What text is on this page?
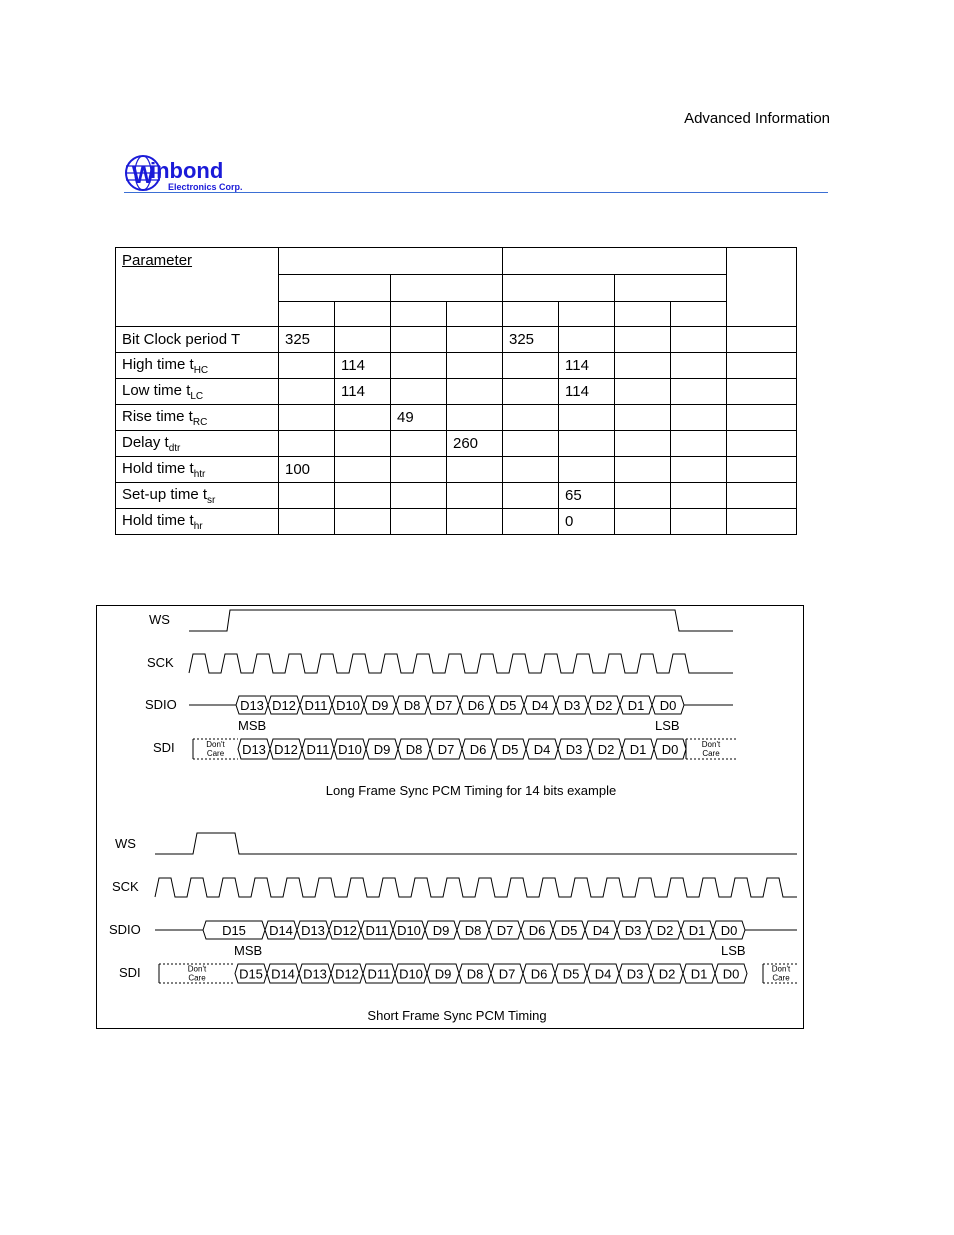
Advanced Information
W
inbond
Electronics Corp.
Parameter									

Bit Clock period T	325				325				
High time $t_{HC}$		114				114			
Low time $t_{LC}$		114				114			
Rise time $t_{RC}$			49						
Delay $t_{dtr}$				260					
Hold time $t_{htr}$	100								
Set-up time $t_{sr}$						65			
Hold time $t_{hr}$						0			
WS
SCK
SDIO	D13 D12 D11 D10 D9 D8 D7 D6 D5 D4 D3 D2 D1 D0
MSB	LSB
SDI	Don't
Care D13 D12 D11 D10 D9 D8 D7 D6 D5 D4 D3 D2 D1 D0	Don't
Care
Long Frame Sync PCM Timing for 14 bits example
WS
SCK
SDIO	D15 D14 D13 D12 D11 D10 D9 D8 D7 D6 D5 D4 D3 D2 D1 D0
MSB	LSB
SDI	Don't
Care	D15 D14 D13 D12 D11 D10 D9 D8 D7 D6 D5 D4 D3 D2 D1 D0	Don't
Care
Short Frame Sync PCM Timing
